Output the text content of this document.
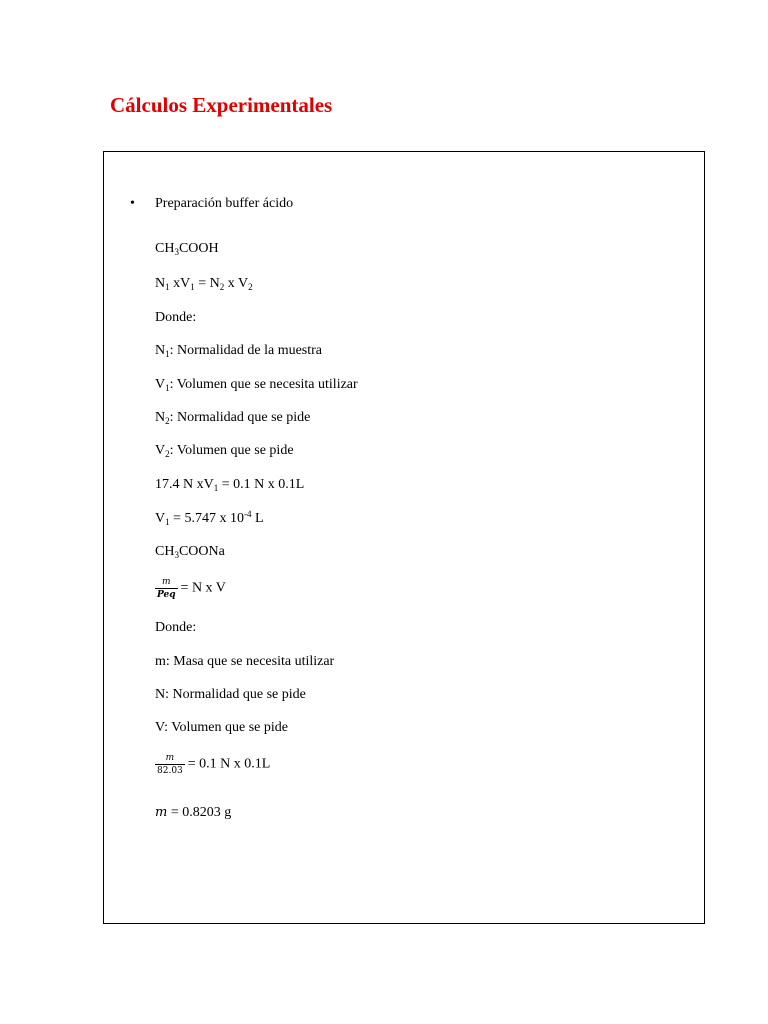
Cálculos Experimentales
• Preparación buffer ácido
$CH_3COOH$
$N_1$ $xV_1 = N_2$ x $V_2$
Donde:
$N_1$: Normalidad de la muestra
$V_1$: Volumen que se necesita utilizar
$N_2$: Normalidad que se pide
$V_2$: Volumen que se pide
17.4 N $xV_1 = 0.1$ N x 0.1L
$V_1 = 5.747$ x $10^{-4}$ L
$CH_3COONa$
$\frac{m}{\text{Peq}} = N$ x V
Donde:
m: Masa que se necesita utilizar
N: Normalidad que se pide
V: Volumen que se pide
$\frac{m}{82.03} = 0.1$ N x 0.1L
m = 0.8203 g
